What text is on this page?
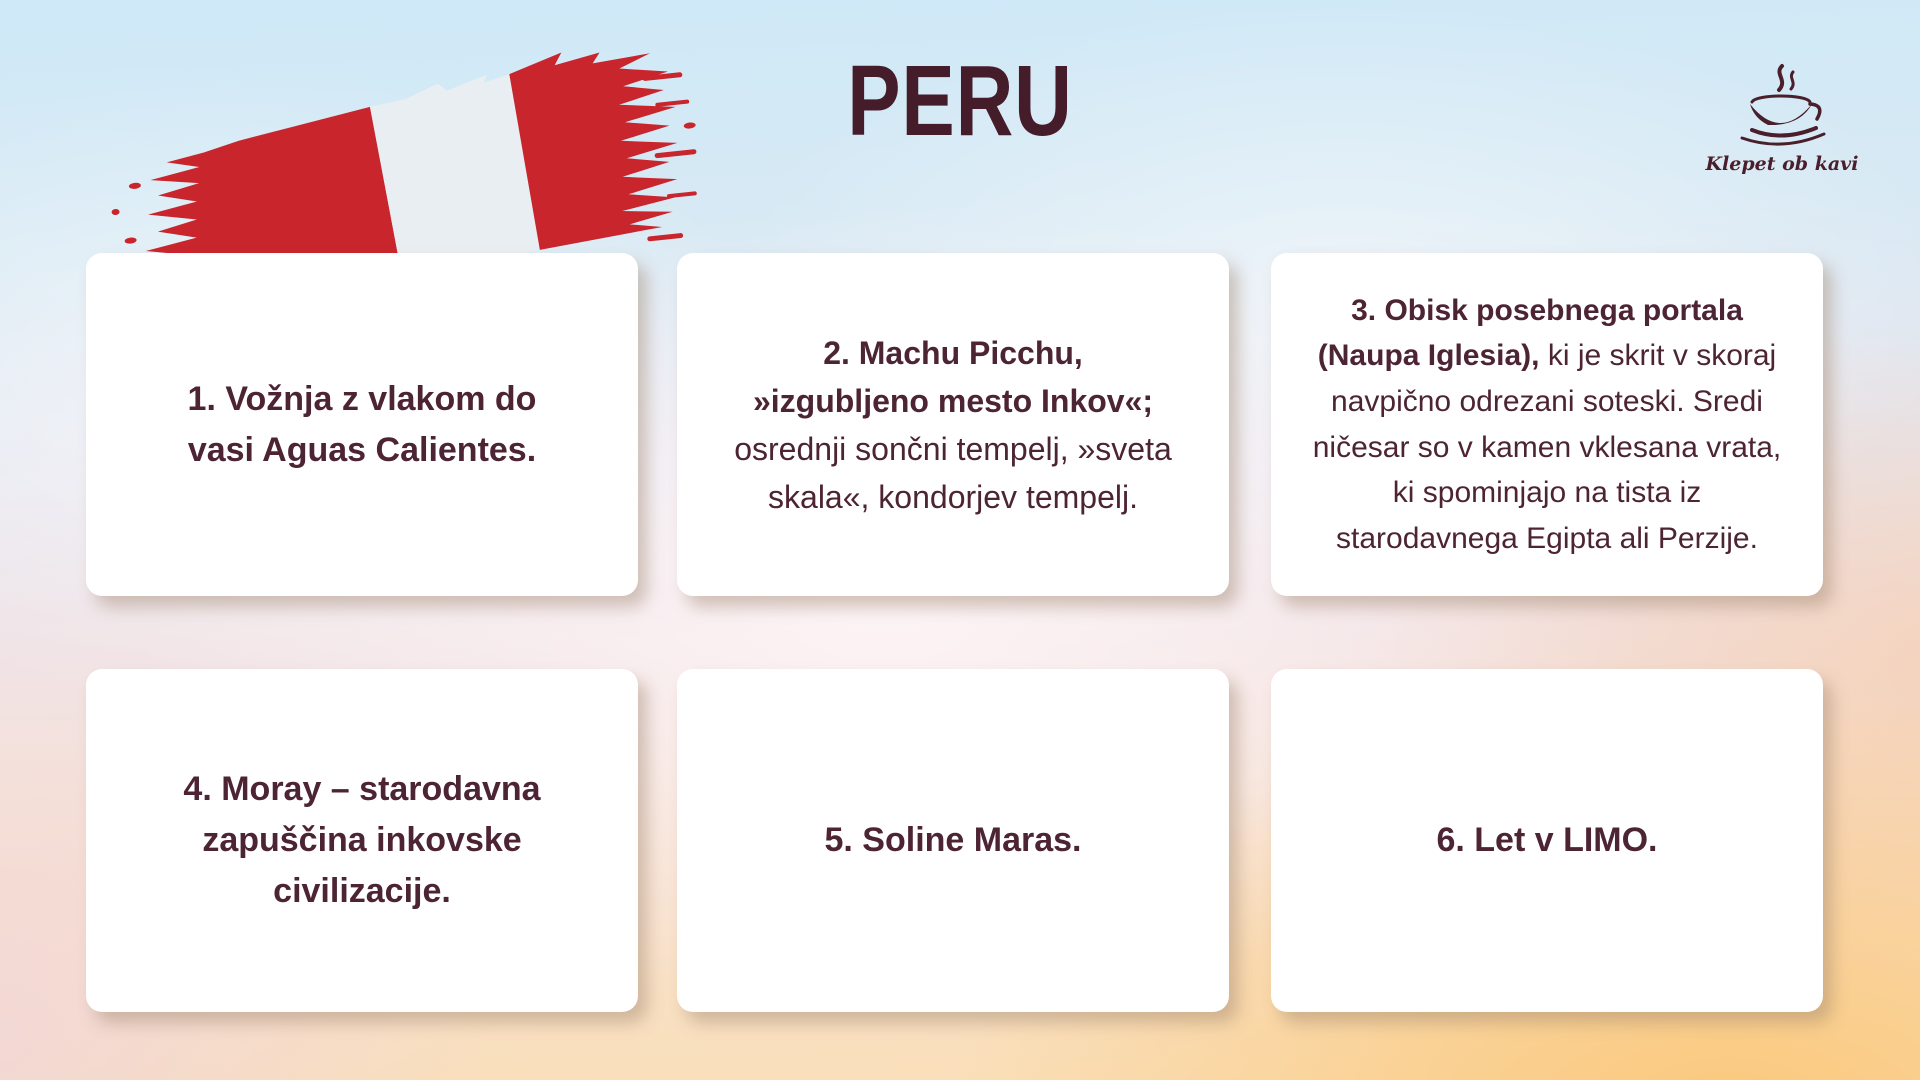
PERU
Klepet ob kavi

1. Vožnja z vlakom do vasi Aguas Calientes.

2. Machu Picchu, »izgubljeno mesto Inkov«; osrednji sončni tempelj, »sveta skala«, kondorjev tempelj.

3. Obisk posebnega portala (Naupa Iglesia), ki je skrit v skoraj navpično odrezani soteski. Sredi ničesar so v kamen vklesana vrata, ki spominjajo na tista iz starodavnega Egipta ali Perzije.

4. Moray – starodavna zapuščina inkovske civilizacije.

5. Soline Maras.	6. Let v LIMO.
